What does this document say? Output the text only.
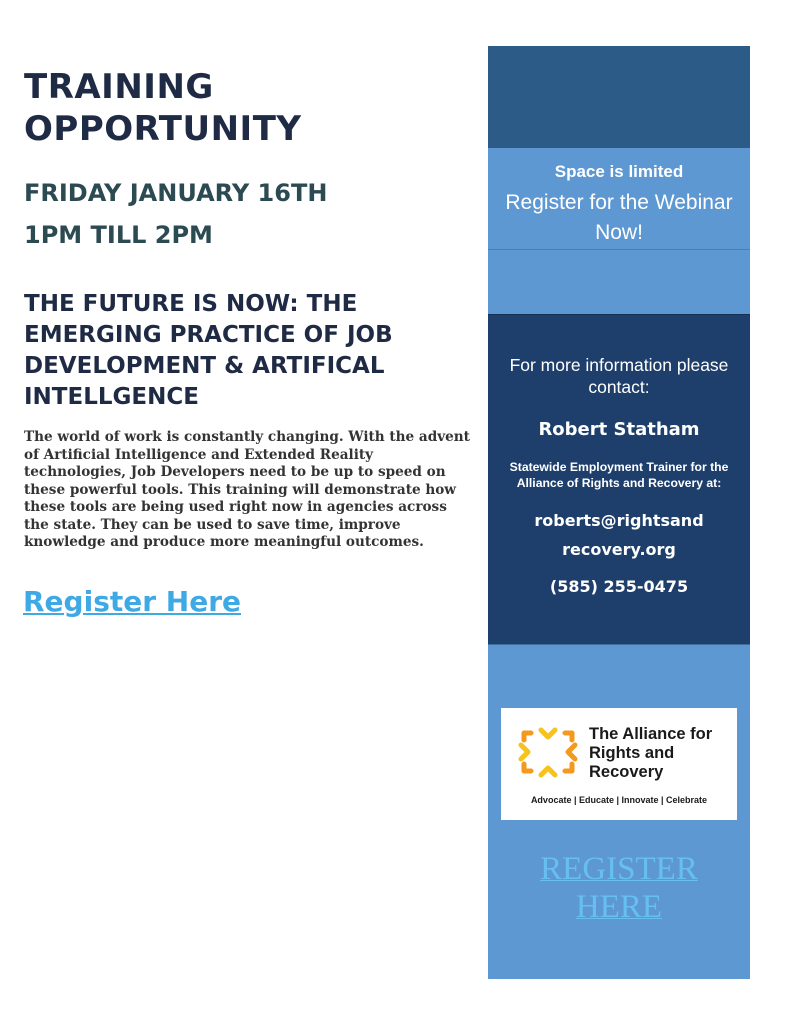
TRAINING
OPPORTUNITY
FRIDAY JANUARY 16TH
1PM TILL 2PM
THE FUTURE IS NOW: THE EMERGING PRACTICE OF JOB DEVELOPMENT & ARTIFICAL INTELLGENCE

The world of work is constantly changing. With the advent of Artificial Intelligence and Extended Reality technologies, Job Developers need to be up to speed on these powerful tools. This training will demonstrate how these tools are being used right now in agencies across the state. They can be used to save time, improve knowledge and produce more meaningful outcomes.

Register Here
Space is limited
Register for the Webinar Now!
For more information please contact:
Robert Statham
Statewide Employment Trainer for the Alliance of Rights and Recovery at:
roberts@rightsand
recovery.org
(585) 255-0475
The Alliance for Rights and Recovery
Advocate | Educate | Innovate | Celebrate
REGISTER
HERE
